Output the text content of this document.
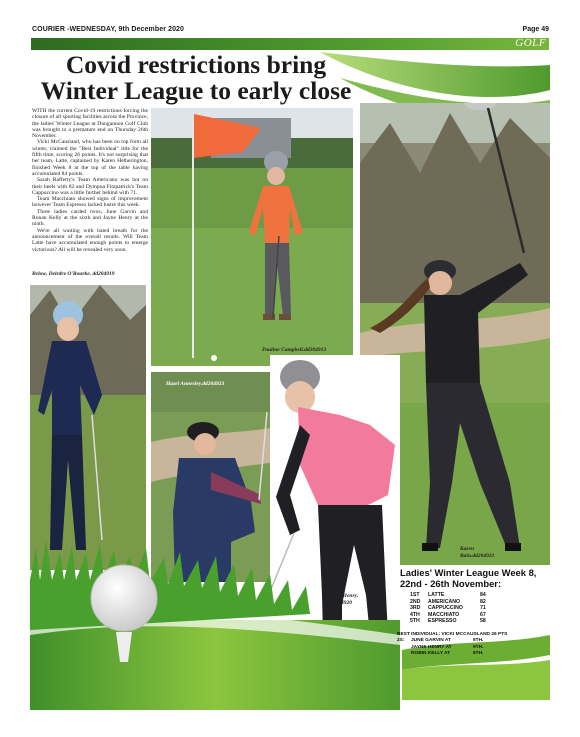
COURIER -WEDNESDAY, 9th December 2020	Page 49
GOLF
Covid restrictions bring Winter League to early close

WITH the current Covid-19 restrictions forcing the closure of all sporting facilities across the Province, the ladies' Winter League at Dungannon Golf Club was brought to a premature end on Thursday 26th November.

Vicki McCausland, who has been on top form all winter, claimed the "Best Individual" title for the fifth time, scoring 26 points. It's not surprising that her team, Latte, captained by Karen Hetherington, finished Week 8 at the top of the table having accumulated 84 points.

Sarah Rafferty's Team Americano was hot on their heels with 82 and Dympna Fitzpatrick's Team Cappuccino was a little further behind with 71.

Team Macchiato showed signs of improvement however Team Espresso lacked lustre this week.

Three ladies carded twos, June Garvin and Ronan Kelly at the sixth and Jayne Henry at the ninth.

We're all waiting with bated breath for the announcement of the overall results. Will Team Latte have accumulated enough points to emerge victorious? All will be revealed very soon.

Below, Deirdre O'Rourke. dd204919
Pauline Campbell.dd204913
Karen Bain.dd204921
Hazel Annesley.dd204923
June Henry. dd204920
Ladies' Winter League Week 8, 22nd - 26th November:
1ST	LATTE	84
2ND	AMERICANO	82
3RD	CAPPUCCINO	71
4TH	MACCHIATO	67
5TH	ESPRESSO	58
BEST INDIVIDUAL: VICKI MCCAUSLAND 26 PTS
2S:	JUNE GARVIN AT	6TH.
JAYNE HENRY AT	9TH.
ROBIN KELLY AT	6TH.
